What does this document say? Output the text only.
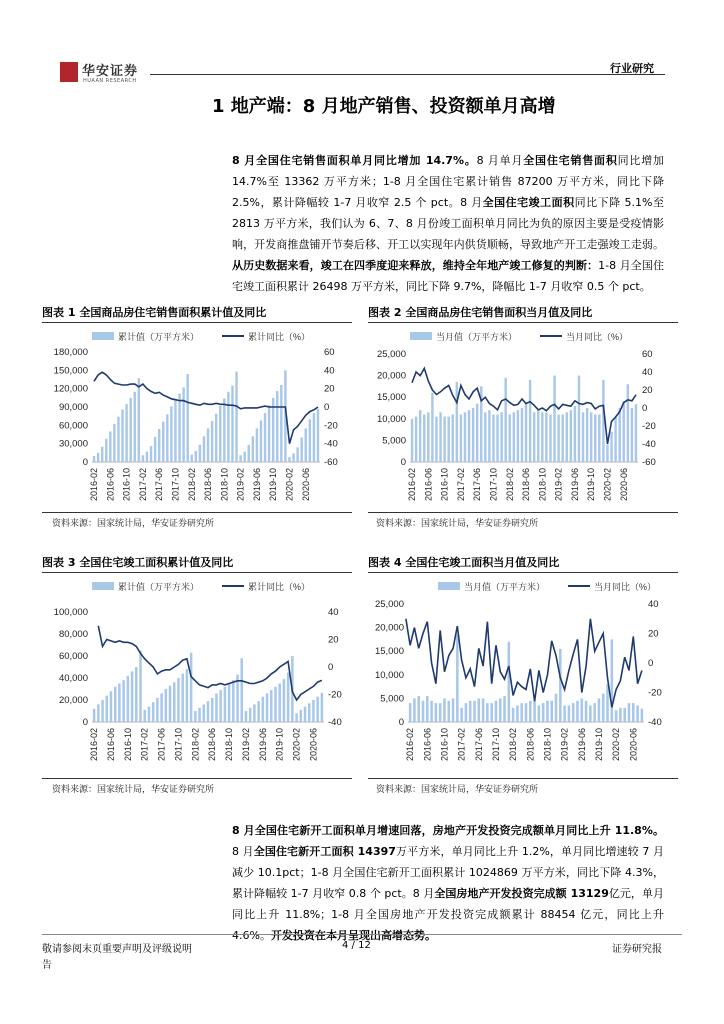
华安证券
HUAAN RESEARCH
行业研究
1 地产端：8 月地产销售、投资额单月高增
8 月全国住宅销售面积单月同比增加 14.7%。8 月单月全国住宅销售面积同比增加 14.7%至 13362 万平方米；1-8 月全国住宅累计销售 87200 万平方米，同比下降 2.5%，累计降幅较 1-7 月收窄 2.5 个 pct。8 月全国住宅竣工面积同比下降 5.1%至 2813 万平方米，我们认为 6、7、8 月份竣工面积单月同比为负的原因主要是受疫情影响，开发商推盘铺开节奏后移、开工以实现年内供货顺畅，导致地产开工走强竣工走弱。从历史数据来看，竣工在四季度迎来释放，维持全年地产竣工修复的判断：1-8 月全国住宅竣工面积累计 26498 万平方米，同比下降 9.7%，降幅比 1-7 月收窄 0.5 个 pct。
图表 1 全国商品房住宅销售面积累计值及同比	图表 2 全国商品房住宅销售面积当月值及同比
累计值（万平方米）	累计同比（%）
0
30,000
60,000
90,000
120,000
150,000
180,000
-60
-40
-20
0
20
40
60
2016-02 2016-06 2016-10 2017-02 2017-06 2017-10 2018-02 2018-06 2018-10 2019-02 2019-06 2019-10 2020-02 2020-06
当月值（万平方米）	当月同比（%）
0
5,000
10,000
15,000
20,000
25,000
-60
-40
-20
0
20
40
60
2016-02 2016-06 2016-10 2017-02 2017-06 2017-10 2018-02 2018-06 2018-10 2019-02 2019-06 2019-10 2020-02 2020-06
资料来源：国家统计局，华安证券研究所	资料来源：国家统计局，华安证券研究所
图表 3 全国住宅竣工面积累计值及同比	图表 4 全国住宅竣工面积当月值及同比
累计值（万平方米）	累计同比（%）
0
20,000
40,000
60,000
80,000
100,000
-40
-20
0
20
40
2016-02 2016-06 2016-10 2017-02 2017-06 2017-10 2018-02 2018-06 2018-10 2019-02 2019-06 2019-10 2020-02 2020-06
当月值（万平方米）	当月同比（%）
0
5,000
10,000
15,000
20,000
25,000
-40
-20
0
20
40
2016-02 2016-06 2016-10 2017-02 2017-06 2017-10 2018-02 2018-06 2018-10 2019-02 2019-06 2019-10 2020-02 2020-06
资料来源：国家统计局，华安证券研究所	资料来源：国家统计局，华安证券研究所
8 月全国住宅新开工面积单月增速回落，房地产开发投资完成额单月同比上升 11.8%。8 月全国住宅新开工面积 14397万平方米，单月同比上升 1.2%，单月同比增速较 7 月减少 10.1pct；1-8 月全国住宅新开工面积累计 1024869 万平方米，同比下降 4.3%，累计降幅较 1-7 月收窄 0.8 个 pct。8 月全国房地产开发投资完成额 13129亿元，单月同比上升 11.8%；1-8 月全国房地产开发投资完成额累计 88454 亿元，同比上升 4.6%。开发投资在本月呈现出高增态势。
敬请参阅末页重要声明及评级说明
告
4 / 12	证券研究报
